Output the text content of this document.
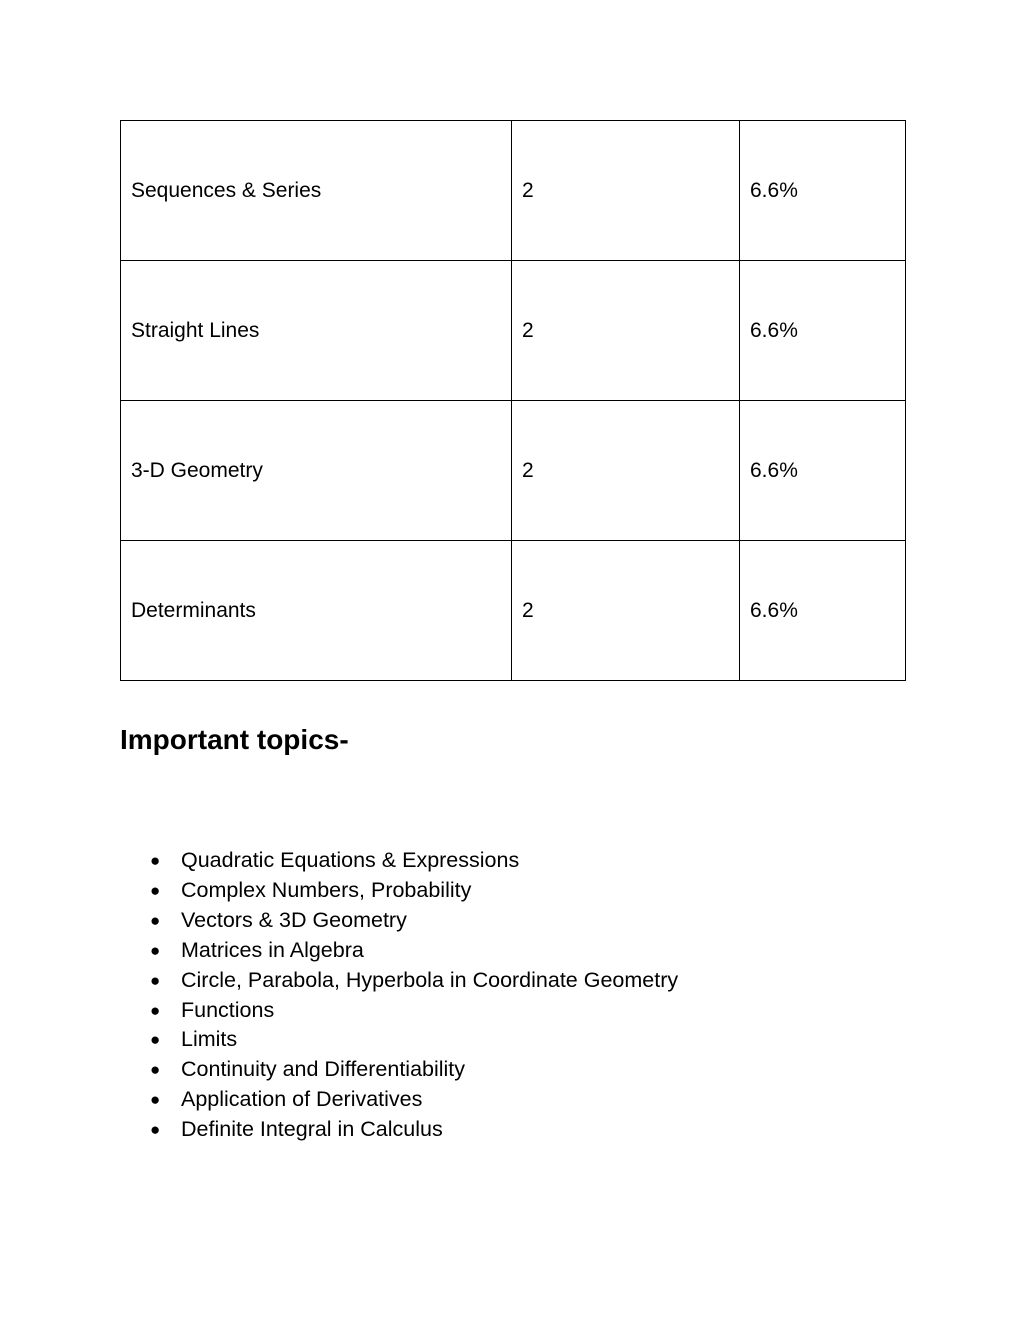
Sequences & Series	2	6.6%
Straight Lines	2	6.6%
3-D Geometry	2	6.6%
Determinants	2	6.6%
Important topics-
● Quadratic Equations & Expressions
● Complex Numbers, Probability
● Vectors & 3D Geometry
● Matrices in Algebra
● Circle, Parabola, Hyperbola in Coordinate Geometry
● Functions
● Limits
● Continuity and Differentiability
● Application of Derivatives
● Definite Integral in Calculus
